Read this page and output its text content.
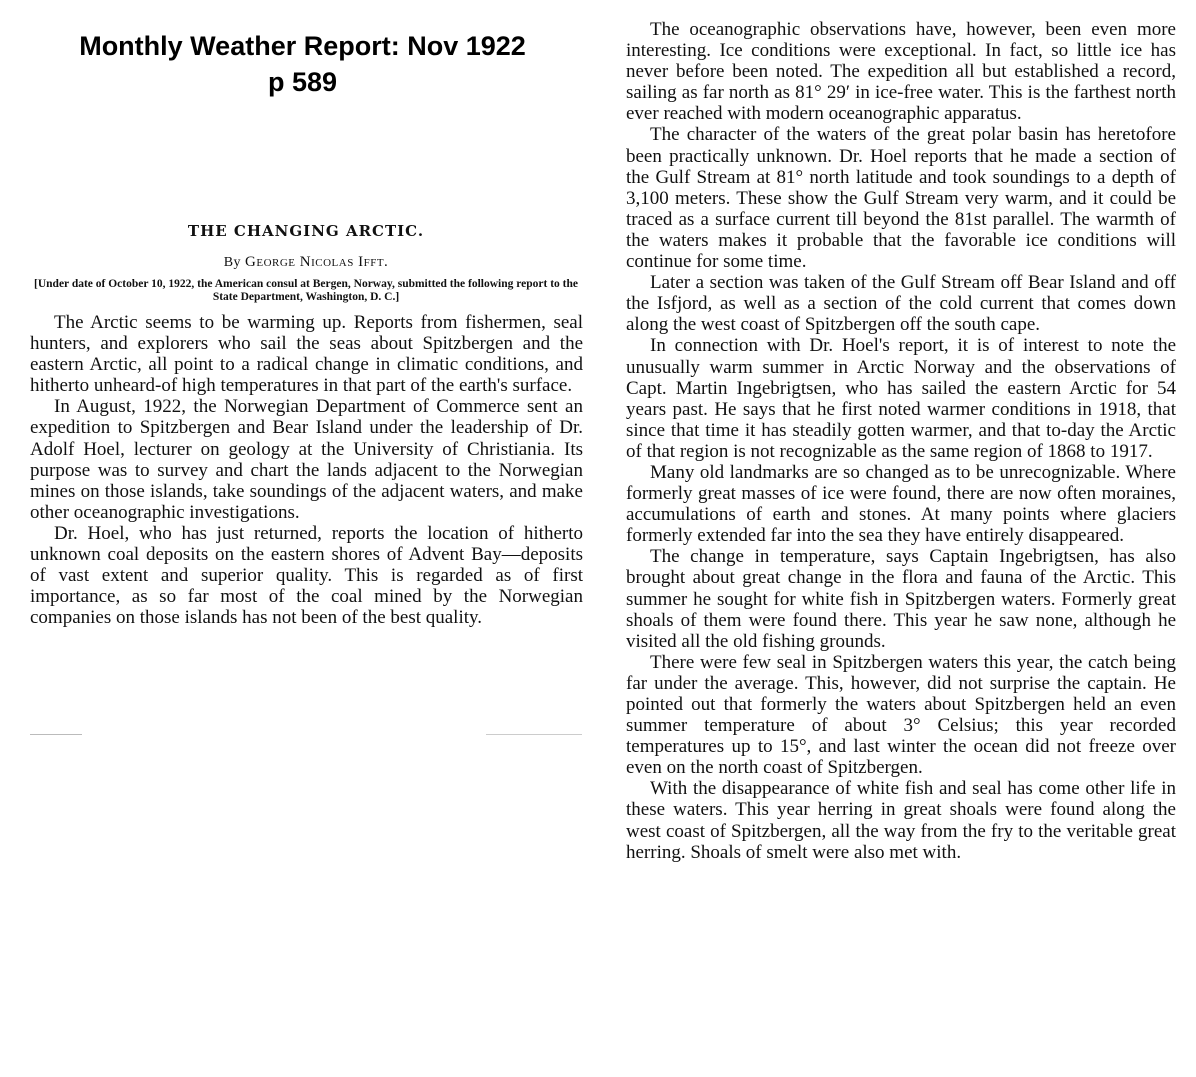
Monthly Weather Report: Nov 1922
p 589
THE CHANGING ARCTIC.
By George Nicolas Ifft.
[Under date of October 10, 1922, the American consul at Bergen, Norway, submitted the following report to the State Department, Washington, D. C.]

The Arctic seems to be warming up. Reports from fishermen, seal hunters, and explorers who sail the seas about Spitzbergen and the eastern Arctic, all point to a radical change in climatic conditions, and hitherto unheard-of high temperatures in that part of the earth's surface.

In August, 1922, the Norwegian Department of Commerce sent an expedition to Spitzbergen and Bear Island under the leadership of Dr. Adolf Hoel, lecturer on geology at the University of Christiania. Its purpose was to survey and chart the lands adjacent to the Norwegian mines on those islands, take soundings of the adjacent waters, and make other oceanographic investigations.

Dr. Hoel, who has just returned, reports the location of hitherto unknown coal deposits on the eastern shores of Advent Bay—deposits of vast extent and superior quality. This is regarded as of first importance, as so far most of the coal mined by the Norwegian companies on those islands has not been of the best quality.

The oceanographic observations have, however, been even more interesting. Ice conditions were exceptional. In fact, so little ice has never before been noted. The expedition all but established a record, sailing as far north as 81° 29′ in ice-free water. This is the farthest north ever reached with modern oceanographic apparatus.

The character of the waters of the great polar basin has heretofore been practically unknown. Dr. Hoel reports that he made a section of the Gulf Stream at 81° north latitude and took soundings to a depth of 3,100 meters. These show the Gulf Stream very warm, and it could be traced as a surface current till beyond the 81st parallel. The warmth of the waters makes it probable that the favorable ice conditions will continue for some time.

Later a section was taken of the Gulf Stream off Bear Island and off the Isfjord, as well as a section of the cold current that comes down along the west coast of Spitzbergen off the south cape.

In connection with Dr. Hoel's report, it is of interest to note the unusually warm summer in Arctic Norway and the observations of Capt. Martin Ingebrigtsen, who has sailed the eastern Arctic for 54 years past. He says that he first noted warmer conditions in 1918, that since that time it has steadily gotten warmer, and that to-day the Arctic of that region is not recognizable as the same region of 1868 to 1917.

Many old landmarks are so changed as to be unrecognizable. Where formerly great masses of ice were found, there are now often moraines, accumulations of earth and stones. At many points where glaciers formerly extended far into the sea they have entirely disappeared.

The change in temperature, says Captain Ingebrigtsen, has also brought about great change in the flora and fauna of the Arctic. This summer he sought for white fish in Spitzbergen waters. Formerly great shoals of them were found there. This year he saw none, although he visited all the old fishing grounds.

There were few seal in Spitzbergen waters this year, the catch being far under the average. This, however, did not surprise the captain. He pointed out that formerly the waters about Spitzbergen held an even summer temperature of about 3° Celsius; this year recorded temperatures up to 15°, and last winter the ocean did not freeze over even on the north coast of Spitzbergen.

With the disappearance of white fish and seal has come other life in these waters. This year herring in great shoals were found along the west coast of Spitzbergen, all the way from the fry to the veritable great herring. Shoals of smelt were also met with.
